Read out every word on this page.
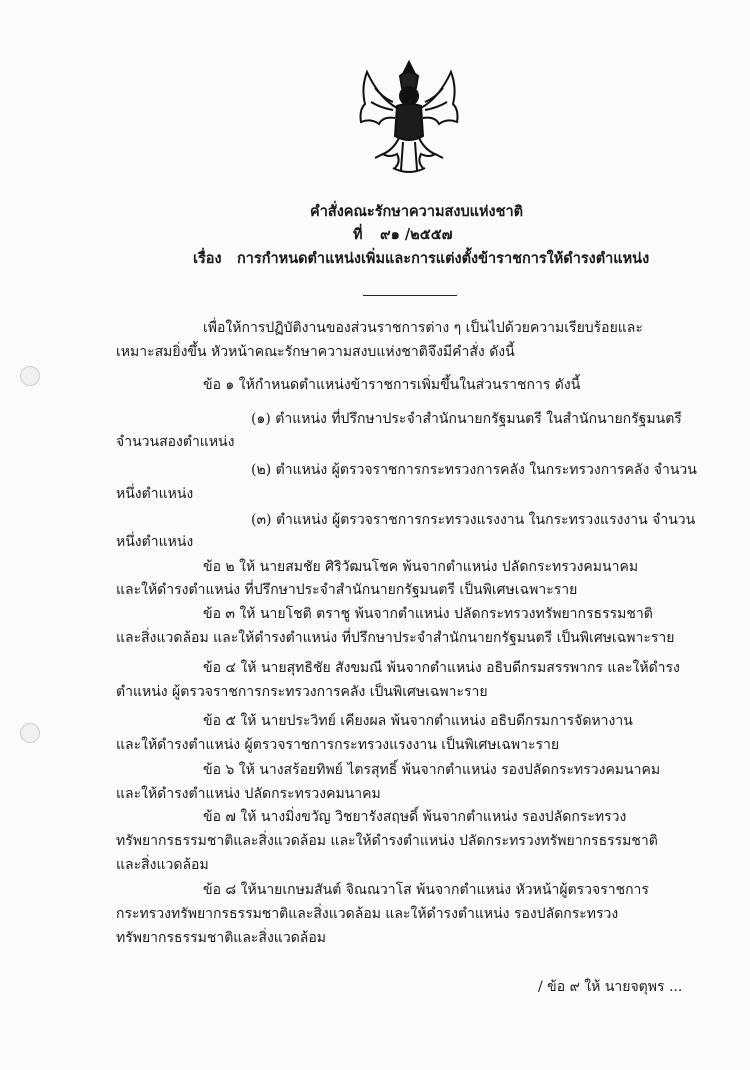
คำสั่งคณะรักษาความสงบแห่งชาติ
ที่ ๙๑ /๒๕๕๗
เรื่อง การกำหนดตำแหน่งเพิ่มและการแต่งตั้งข้าราชการให้ดำรงตำแหน่ง
เพื่อให้การปฏิบัติงานของส่วนราชการต่าง ๆ เป็นไปด้วยความเรียบร้อยและ
เหมาะสมยิ่งขึ้น หัวหน้าคณะรักษาความสงบแห่งชาติจึงมีคำสั่ง ดังนี้
ข้อ ๑ ให้กำหนดตำแหน่งข้าราชการเพิ่มขึ้นในส่วนราชการ ดังนี้
(๑) ตำแหน่ง ที่ปรึกษาประจำสำนักนายกรัฐมนตรี ในสำนักนายกรัฐมนตรี
จำนวนสองตำแหน่ง
(๒) ตำแหน่ง ผู้ตรวจราชการกระทรวงการคลัง ในกระทรวงการคลัง จำนวน
หนึ่งตำแหน่ง
(๓) ตำแหน่ง ผู้ตรวจราชการกระทรวงแรงงาน ในกระทรวงแรงงาน จำนวน
หนึ่งตำแหน่ง
ข้อ ๒ ให้ นายสมชัย ศิริวัฒนโชค พ้นจากตำแหน่ง ปลัดกระทรวงคมนาคม
และให้ดำรงตำแหน่ง ที่ปรึกษาประจำสำนักนายกรัฐมนตรี เป็นพิเศษเฉพาะราย
ข้อ ๓ ให้ นายโชติ ตราชู พ้นจากตำแหน่ง ปลัดกระทรวงทรัพยากรธรรมชาติ
และสิ่งแวดล้อม และให้ดำรงตำแหน่ง ที่ปรึกษาประจำสำนักนายกรัฐมนตรี เป็นพิเศษเฉพาะราย
ข้อ ๔ ให้ นายสุทธิชัย สังขมณี พ้นจากตำแหน่ง อธิบดีกรมสรรพากร และให้ดำรง
ตำแหน่ง ผู้ตรวจราชการกระทรวงการคลัง เป็นพิเศษเฉพาะราย
ข้อ ๕ ให้ นายประวิทย์ เคียงผล พ้นจากตำแหน่ง อธิบดีกรมการจัดหางาน
และให้ดำรงตำแหน่ง ผู้ตรวจราชการกระทรวงแรงงาน เป็นพิเศษเฉพาะราย
ข้อ ๖ ให้ นางสร้อยทิพย์ ไตรสุทธิ์ พ้นจากตำแหน่ง รองปลัดกระทรวงคมนาคม
และให้ดำรงตำแหน่ง ปลัดกระทรวงคมนาคม
ข้อ ๗ ให้ นางมิ่งขวัญ วิชยารังสฤษดิ์ พ้นจากตำแหน่ง รองปลัดกระทรวง
ทรัพยากรธรรมชาติและสิ่งแวดล้อม และให้ดำรงตำแหน่ง ปลัดกระทรวงทรัพยากรธรรมชาติ
และสิ่งแวดล้อม
ข้อ ๘ ให้นายเกษมสันต์ จิณณวาโส พ้นจากตำแหน่ง หัวหน้าผู้ตรวจราชการ
กระทรวงทรัพยากรธรรมชาติและสิ่งแวดล้อม และให้ดำรงตำแหน่ง รองปลัดกระทรวง
ทรัพยากรธรรมชาติและสิ่งแวดล้อม
/ ข้อ ๙ ให้ นายจตุพร ...
